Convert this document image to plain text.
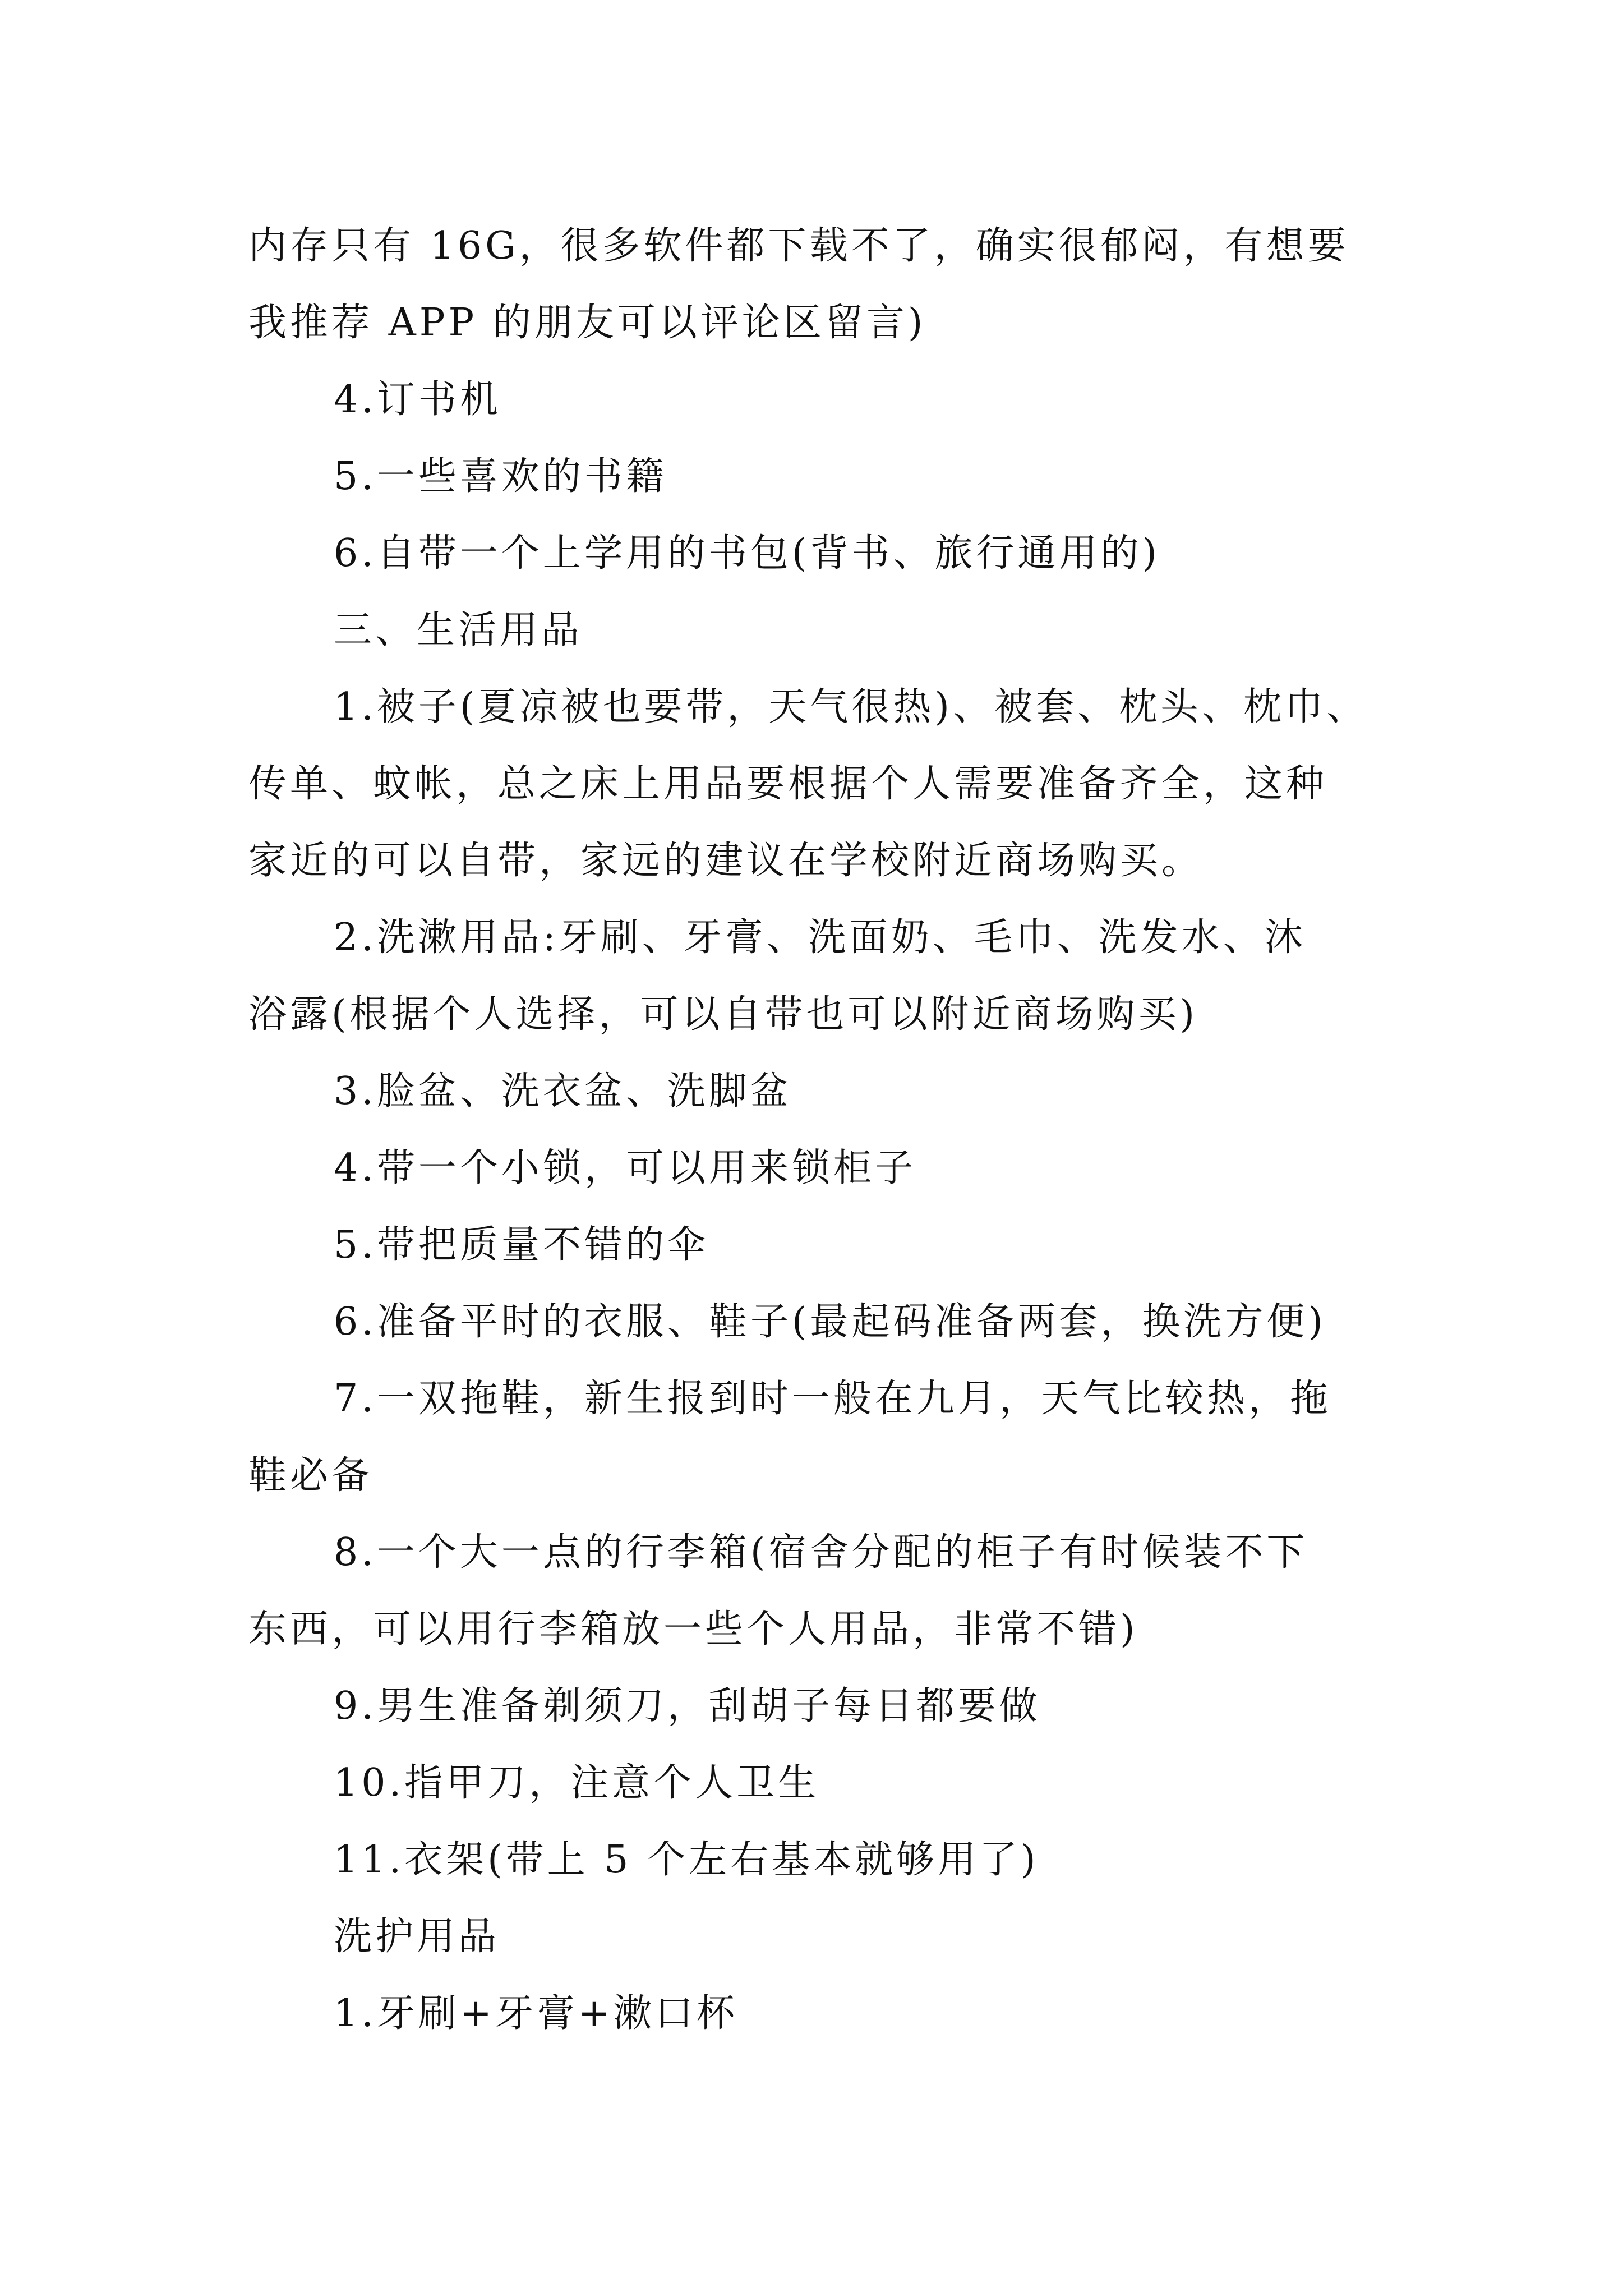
内存只有 16G，很多软件都下载不了，确实很郁闷，有想要
我推荐 APP 的朋友可以评论区留言)
4.订书机
5.一些喜欢的书籍
6.自带一个上学用的书包(背书、旅行通用的)
三、生活用品
1.被子(夏凉被也要带，天气很热)、被套、枕头、枕巾、
传单、蚊帐，总之床上用品要根据个人需要准备齐全，这种
家近的可以自带，家远的建议在学校附近商场购买。
2.洗漱用品:牙刷、牙膏、洗面奶、毛巾、洗发水、沐
浴露(根据个人选择，可以自带也可以附近商场购买)
3.脸盆、洗衣盆、洗脚盆
4.带一个小锁，可以用来锁柜子
5.带把质量不错的伞
6.准备平时的衣服、鞋子(最起码准备两套，换洗方便)
7.一双拖鞋，新生报到时一般在九月，天气比较热，拖
鞋必备
8.一个大一点的行李箱(宿舍分配的柜子有时候装不下
东西，可以用行李箱放一些个人用品，非常不错)
9.男生准备剃须刀，刮胡子每日都要做
10.指甲刀，注意个人卫生
11.衣架(带上 5 个左右基本就够用了)
洗护用品
1.牙刷+牙膏+漱口杯
